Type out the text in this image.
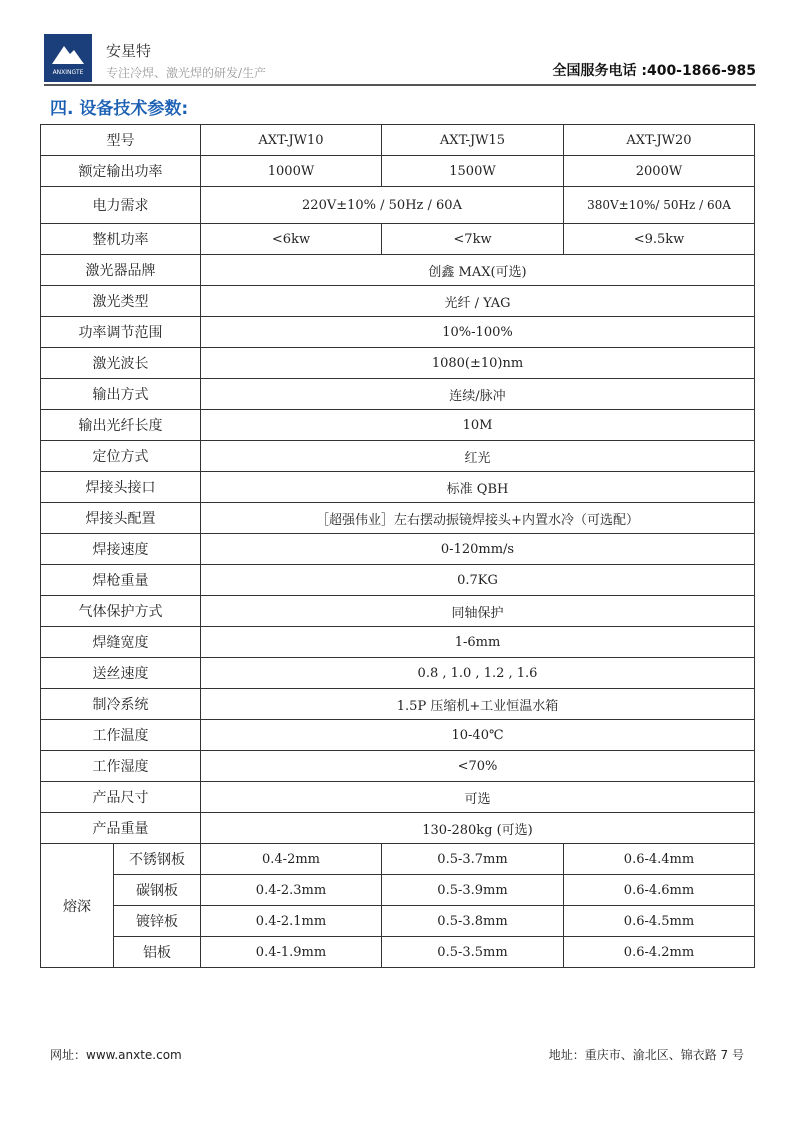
ANXINGTE
安星特
专注冷焊、激光焊的研发/生产	全国服务电话 :400-1866-985
四. 设备技术参数:
型号		AXT-JW10	AXT-JW15	AXT-JW20
额定输出功率		1000W	1500W	2000W
电力需求		220V±10% / 50Hz / 60A		380V±10%/ 50Hz / 60A
整机功率		<6kw	<7kw	<9.5kw
激光器品牌		创鑫 MAX(可选)		
激光类型		光纤 / YAG		
功率调节范围		10%-100%		
激光波长		1080(±10)nm		
输出方式		连续/脉冲		
输出光纤长度		10M		
定位方式		红光		
焊接头接口		标准 QBH		
焊接头配置		［超强伟业］左右摆动振镜焊接头+内置水冷（可选配）		
焊接速度		0-120mm/s		
焊枪重量		0.7KG		
气体保护方式		同轴保护		
焊缝宽度		1-6mm		
送丝速度		0.8 , 1.0 , 1.2 , 1.6		
制冷系统		1.5P 压缩机+工业恒温水箱		
工作温度		10-40℃		
工作湿度		<70%		
产品尺寸		可选		
产品重量		130-280kg (可选)		
熔深	不锈钢板	0.4-2mm	0.5-3.7mm	0.6-4.4mm
	碳钢板	0.4-2.3mm	0.5-3.9mm	0.6-4.6mm
	镀锌板	0.4-2.1mm	0.5-3.8mm	0.6-4.5mm
	铝板	0.4-1.9mm	0.5-3.5mm	0.6-4.2mm
网址：www.anxte.com	地址：重庆市、渝北区、锦衣路 7 号
